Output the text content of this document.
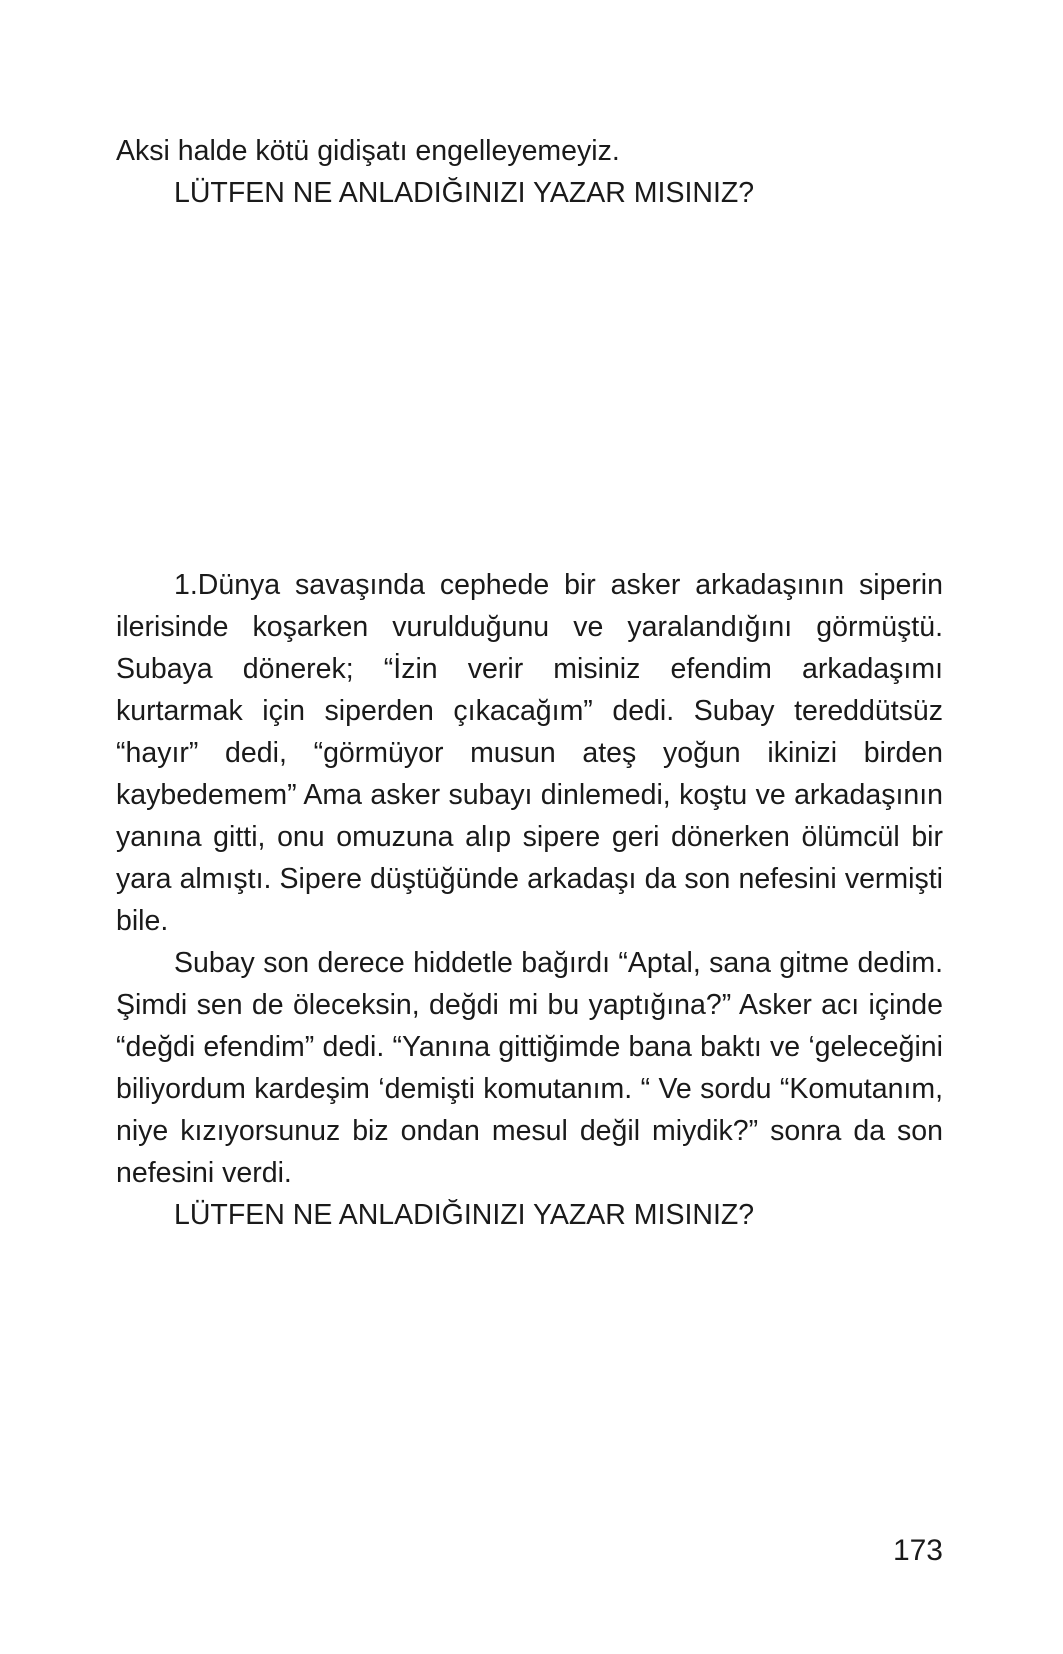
Aksi halde kötü gidişatı engelleyemeyiz.

LÜTFEN NE ANLADIĞINIZI YAZAR MISINIZ?

1.Dünya savaşında cephede bir asker arkadaşının siperin ilerisinde koşarken vurulduğunu ve yaralandığını görmüştü. Subaya dönerek; “İzin verir misiniz efendim arkadaşımı kurtarmak için siperden çıkacağım” dedi. Subay tereddütsüz “hayır” dedi, “görmüyor musun ateş yoğun ikinizi birden kaybedemem” Ama asker subayı dinlemedi, koştu ve arkadaşının yanına gitti, onu omuzuna alıp sipere geri dönerken ölümcül bir yara almıştı. Sipere düştüğünde arkadaşı da son nefesini vermişti bile.

Subay son derece hiddetle bağırdı “Aptal, sana gitme dedim. Şimdi sen de öleceksin, değdi mi bu yaptığına?” Asker acı içinde “değdi efendim” dedi. “Yanına gittiğimde bana baktı ve ‘geleceğini biliyordum kardeşim ‘demişti komutanım. “ Ve sordu “Komutanım, niye kızıyorsunuz biz ondan mesul değil miydik?” sonra da son nefesini verdi.

LÜTFEN NE ANLADIĞINIZI YAZAR MISINIZ?

173
